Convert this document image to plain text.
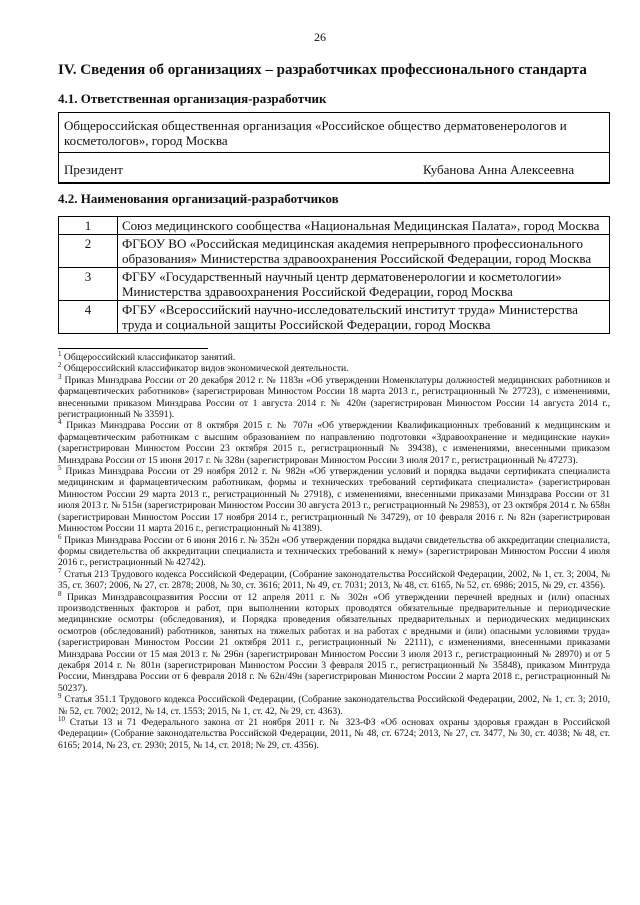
26
IV. Сведения об организациях – разработчиках профессионального стандарта
4.1. Ответственная организация-разработчик
Общероссийская общественная организация «Российское общество дерматовенерологов и косметологов», город Москва
Президент	Кубанова Анна Алексеевна
4.2. Наименования организаций-разработчиков
1	Союз медицинского сообщества «Национальная Медицинская Палата», город Москва
2	ФГБОУ ВО «Российская медицинская академия непрерывного профессионального образования» Министерства здравоохранения Российской Федерации, город Москва
3	ФГБУ «Государственный научный центр дерматовенерологии и косметологии» Министерства здравоохранения Российской Федерации, город Москва
4	ФГБУ «Всероссийский научно-исследовательский институт труда» Министерства труда и социальной защиты Российской Федерации, город Москва

$^1$ Общероссийский классификатор занятий.

$^2$ Общероссийский классификатор видов экономической деятельности.

$^3$ Приказ Минздрава России от 20 декабря 2012 г. № 1183н «Об утверждении Номенклатуры должностей медицинских работников и фармацевтических работников» (зарегистрирован Минюстом России 18 марта 2013 г., регистрационный № 27723), с изменениями, внесенными приказом Минздрава России от 1 августа 2014 г. № 420н (зарегистрирован Минюстом России 14 августа 2014 г., регистрационный № 33591).

$^4$ Приказ Минздрава России от 8 октября 2015 г. № 707н «Об утверждении Квалификационных требований к медицинским и фармацевтическим работникам с высшим образованием по направлению подготовки «Здравоохранение и медицинские науки» (зарегистрирован Минюстом России 23 октября 2015 г., регистрационный № 39438), с изменениями, внесенными приказом Минздрава России от 15 июня 2017 г. № 328н (зарегистрирован Минюстом России 3 июля 2017 г., регистрационный № 47273).

$^5$ Приказ Минздрава России от 29 ноября 2012 г. № 982н «Об утверждении условий и порядка выдачи сертификата специалиста медицинским и фармацевтическим работникам, формы и технических требований сертификата специалиста» (зарегистрирован Минюстом России 29 марта 2013 г., регистрационный № 27918), с изменениями, внесенными приказами Минздрава России от 31 июля 2013 г. № 515н (зарегистрирован Минюстом России 30 августа 2013 г., регистрационный № 29853), от 23 октября 2014 г. № 658н (зарегистрирован Минюстом России 17 ноября 2014 г., регистрационный № 34729), от 10 февраля 2016 г. № 82н (зарегистрирован Минюстом России 11 марта 2016 г., регистрационный № 41389).

$^6$ Приказ Минздрава России от 6 июня 2016 г. № 352н «Об утверждении порядка выдачи свидетельства об аккредитации специалиста, формы свидетельства об аккредитации специалиста и технических требований к нему» (зарегистрирован Минюстом России 4 июля 2016 г., регистрационный № 42742).

$^7$ Статья 213 Трудового кодекса Российской Федерации, (Собрание законодательства Российской Федерации, 2002, № 1, ст. 3; 2004, № 35, ст. 3607; 2006, № 27, ст. 2878; 2008, № 30, ст. 3616; 2011, № 49, ст. 7031; 2013, № 48, ст. 6165, № 52, ст. 6986; 2015, № 29, ст. 4356).

$^8$ Приказ Минздравсоцразвития России от 12 апреля 2011 г. № 302н «Об утверждении перечней вредных и (или) опасных производственных факторов и работ, при выполнении которых проводятся обязательные предварительные и периодические медицинские осмотры (обследования), и Порядка проведения обязательных предварительных и периодических медицинских осмотров (обследований) работников, занятых на тяжелых работах и на работах с вредными и (или) опасными условиями труда» (зарегистрирован Минюстом России 21 октября 2011 г., регистрационный № 22111), с изменениями, внесенными приказами Минздрава России от 15 мая 2013 г. № 296н (зарегистрирован Минюстом России 3 июля 2013 г., регистрационный № 28970) и от 5 декабря 2014 г. № 801н (зарегистрирован Минюстом России 3 февраля 2015 г., регистрационный № 35848), приказом Минтруда России, Минздрава России от 6 февраля 2018 г. № 62н/49н (зарегистрирован Минюстом России 2 марта 2018 г., регистрационный № 50237).

$^9$ Статья 351.1 Трудового кодекса Российской Федерации, (Собрание законодательства Российской Федерации, 2002, № 1, ст. 3; 2010, № 52, ст. 7002; 2012, № 14, ст. 1553; 2015, № 1, ст. 42, № 29, ст. 4363).

$^{10}$ Статьи 13 и 71 Федерального закона от 21 ноября 2011 г. № 323-ФЗ «Об основах охраны здоровья граждан в Российской Федерации» (Собрание законодательства Российской Федерации, 2011, № 48, ст. 6724; 2013, № 27, ст. 3477, № 30, ст. 4038; № 48, ст. 6165; 2014, № 23, ст. 2930; 2015, № 14, ст. 2018; № 29, ст. 4356).
